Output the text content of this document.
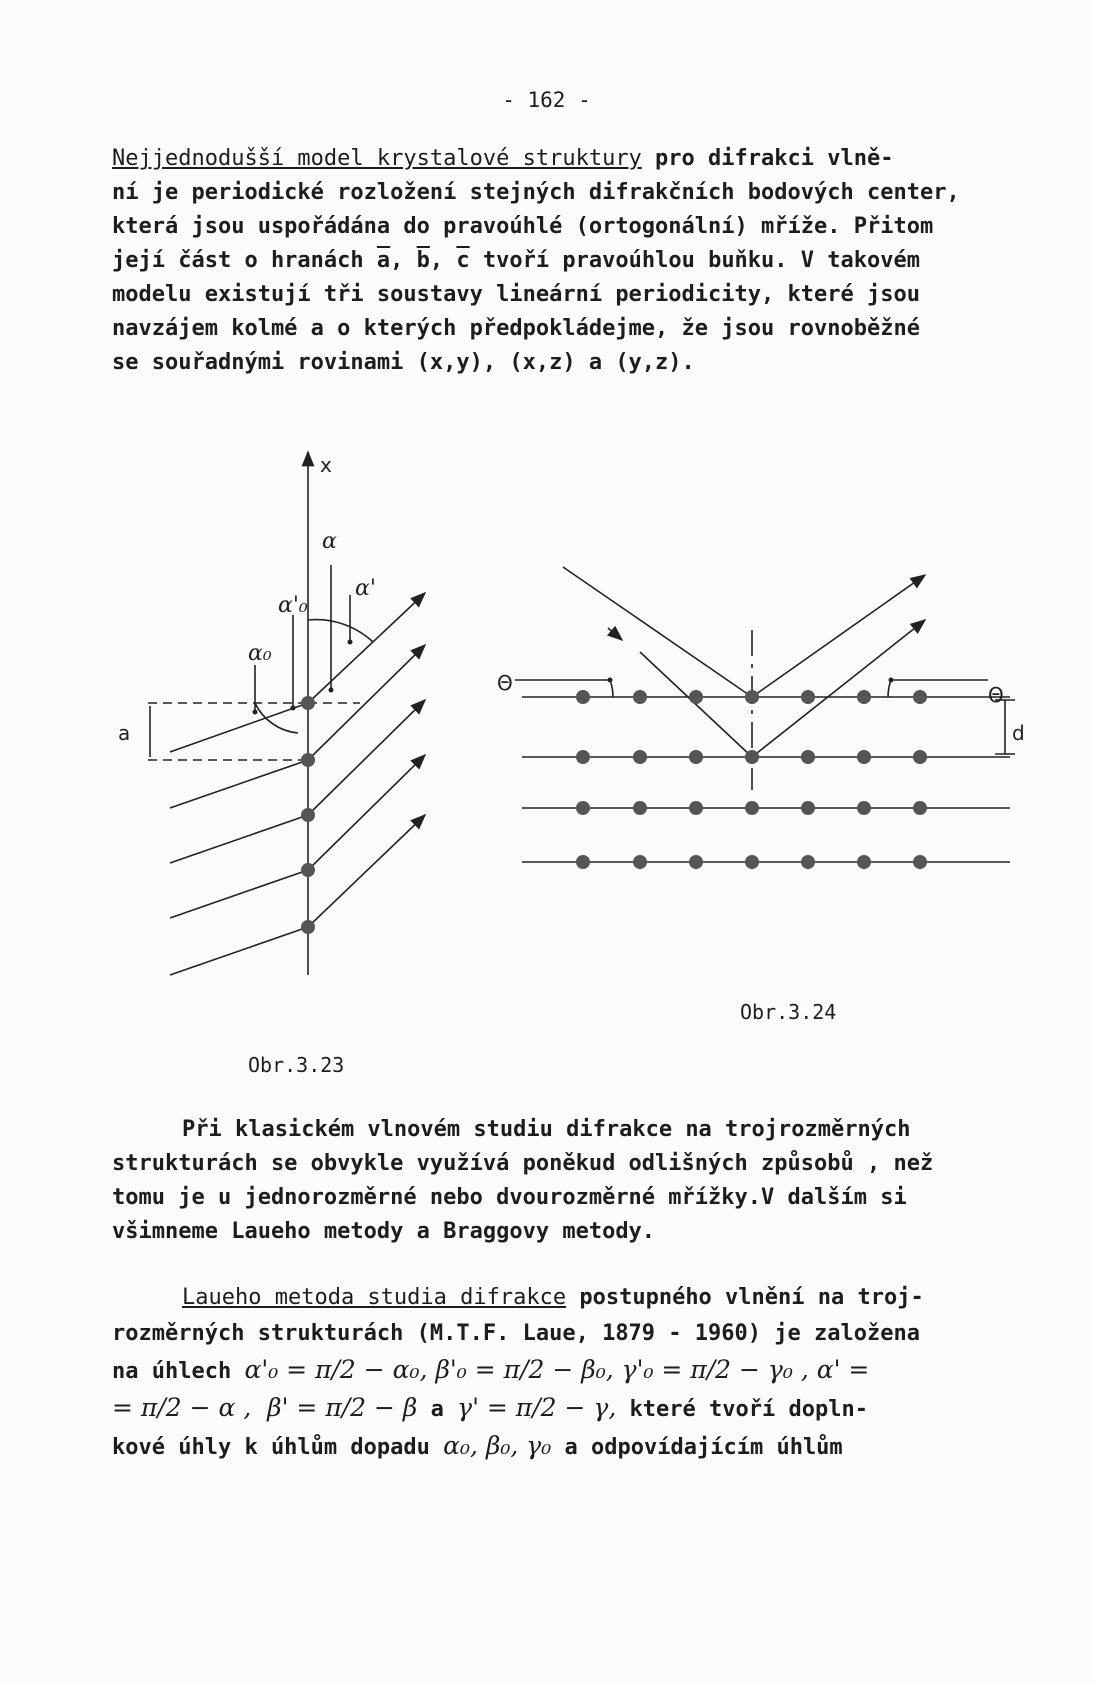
- 162 -
Nejjednodušší model krystalové struktury pro difrakci vlně-
ní je periodické rozložení stejných difrakčních bodových center,
která jsou uspořádána do pravoúhlé (ortogonální) mříže. Přitom
její část o hranách $\overline{a}$, $\overline{b}$, $\overline{c}$ tvoří pravoúhlou buňku. V takovém
modelu existují tři soustavy lineární periodicity, které jsou
navzájem kolmé a o kterých předpokládejme, že jsou rovnoběžné
se souřadnými rovinami (x,y), (x,z) a (y,z).
x
a
α
α'
α'₀
α₀
Θ	Θ
d
Obr.3.24
Obr.3.23
Při klasickém vlnovém studiu difrakce na trojrozměrných
strukturách se obvykle využívá poněkud odlišných způsobů , než
tomu je u jednorozměrné nebo dvourozměrné mřížky.V dalším si
všimneme Laueho metody a Braggovy metody.
Laueho metoda studia difrakce postupného vlnění na troj-
rozměrných strukturách (M.T.F. Laue, 1879 - 1960) je založena
na úhlech α'₀ = π/2 − α₀, β'₀ = π/2 − β₀, γ'₀ = π/2 − γ₀ , α' =
= π/2 − α ,  β' = π/2 − β a γ' = π/2 − γ, které tvoří dopln-
kové úhly k úhlům dopadu α₀, β₀, γ₀ a odpovídajícím úhlům
